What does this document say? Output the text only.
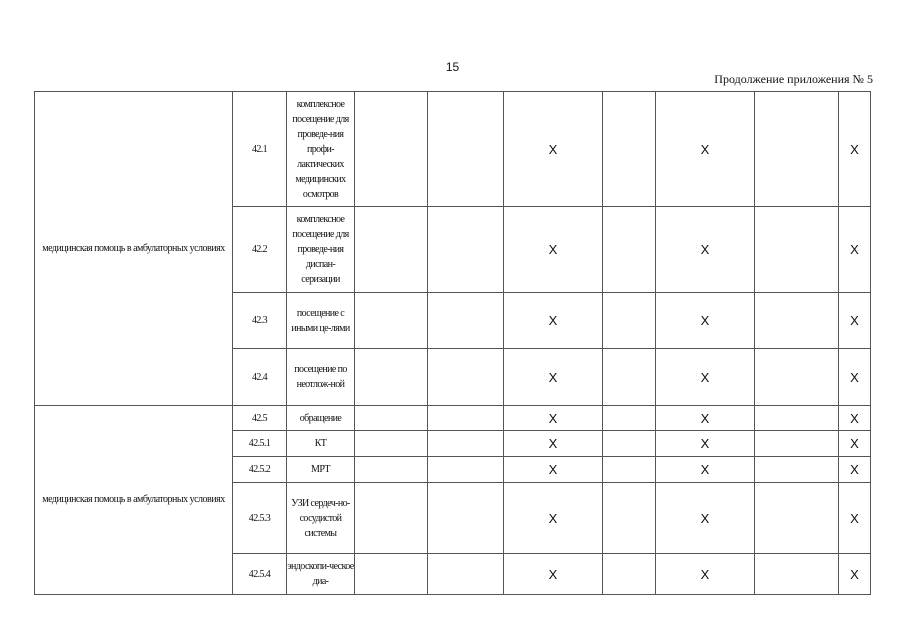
15
Продолжение приложения № 5
медицинская помощь в амбулаторных условиях	42.1	комплексное посещение для проведе-ния профи-лактических медицинских осмотров			X		X		X
	42.2	комплексное посещение для проведе-ния диспан-серизации			X		X		X
	42.3	посещение с иными це-лями			X		X		X
	42.4	посещение по неотлож-ной			X		X		X
медицинская помощь в амбулаторных условиях	42.5	обращение			X		X		X
	42.5.1	КТ			X		X		X
	42.5.2	МРТ			X		X		X
	42.5.3	УЗИ сердеч-но-сосудистой системы			X		X		X
	42.5.4	эндоскопи-ческое диа-			X		X		X
